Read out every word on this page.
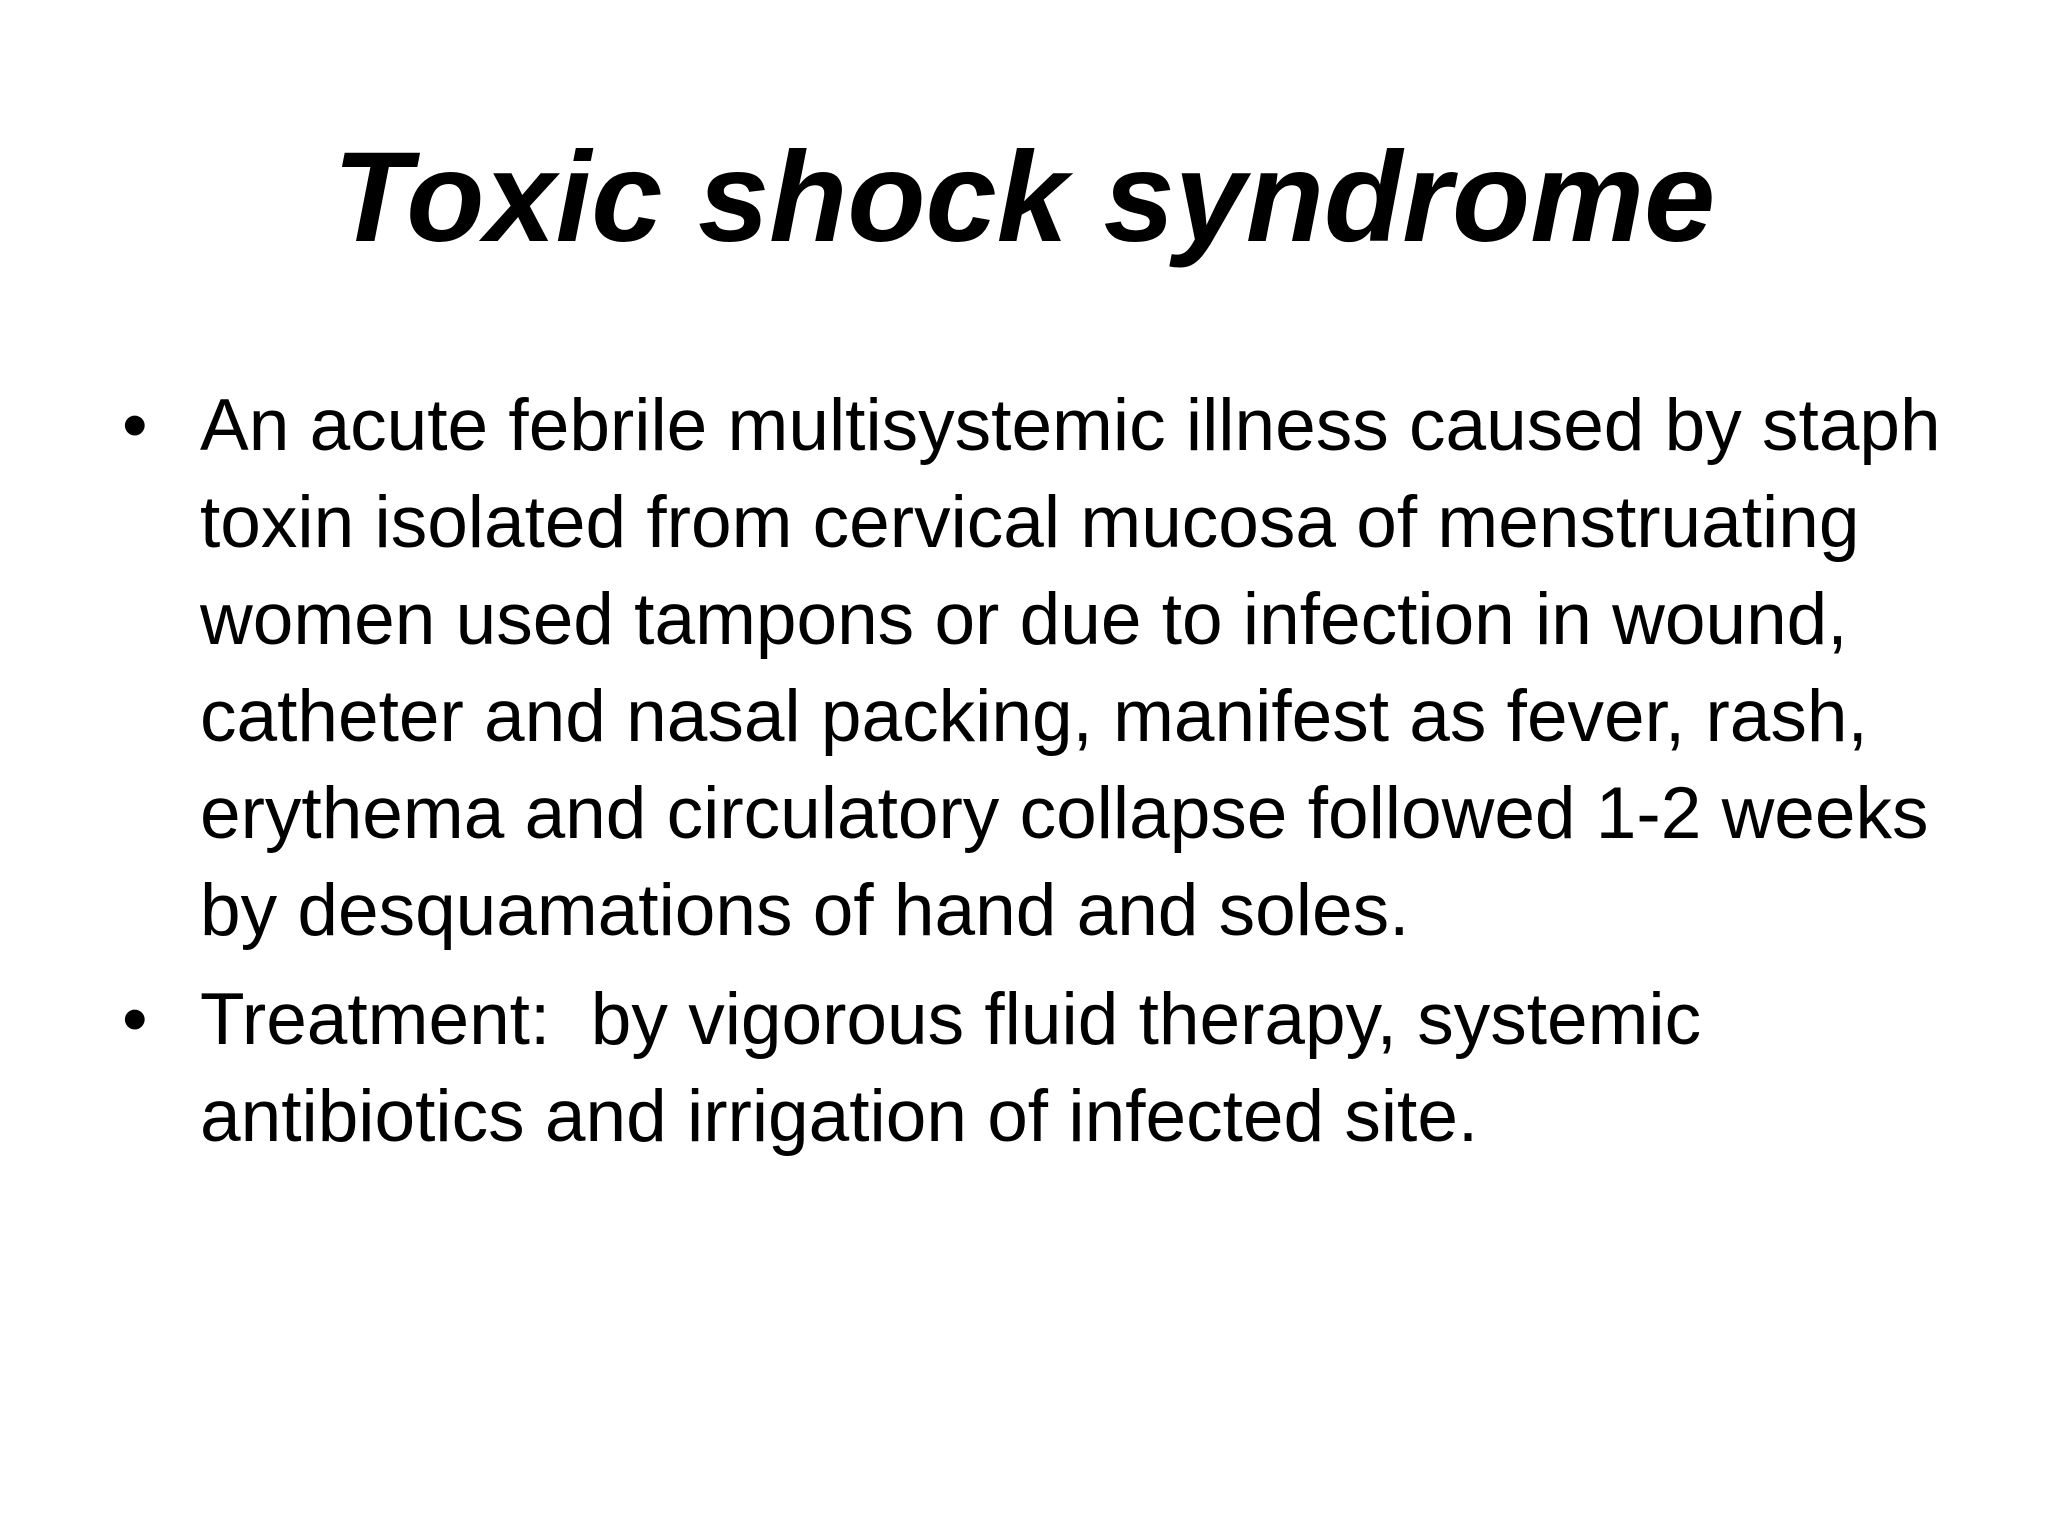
Toxic shock syndrome
• An acute febrile multisystemic illness caused by staph toxin isolated from cervical mucosa of menstruating women used tampons or due to infection in wound, catheter and nasal packing, manifest as fever, rash, erythema and circulatory collapse followed 1-2 weeks by desquamations of hand and soles.
• Treatment:  by vigorous fluid therapy, systemic antibiotics and irrigation of infected site.
